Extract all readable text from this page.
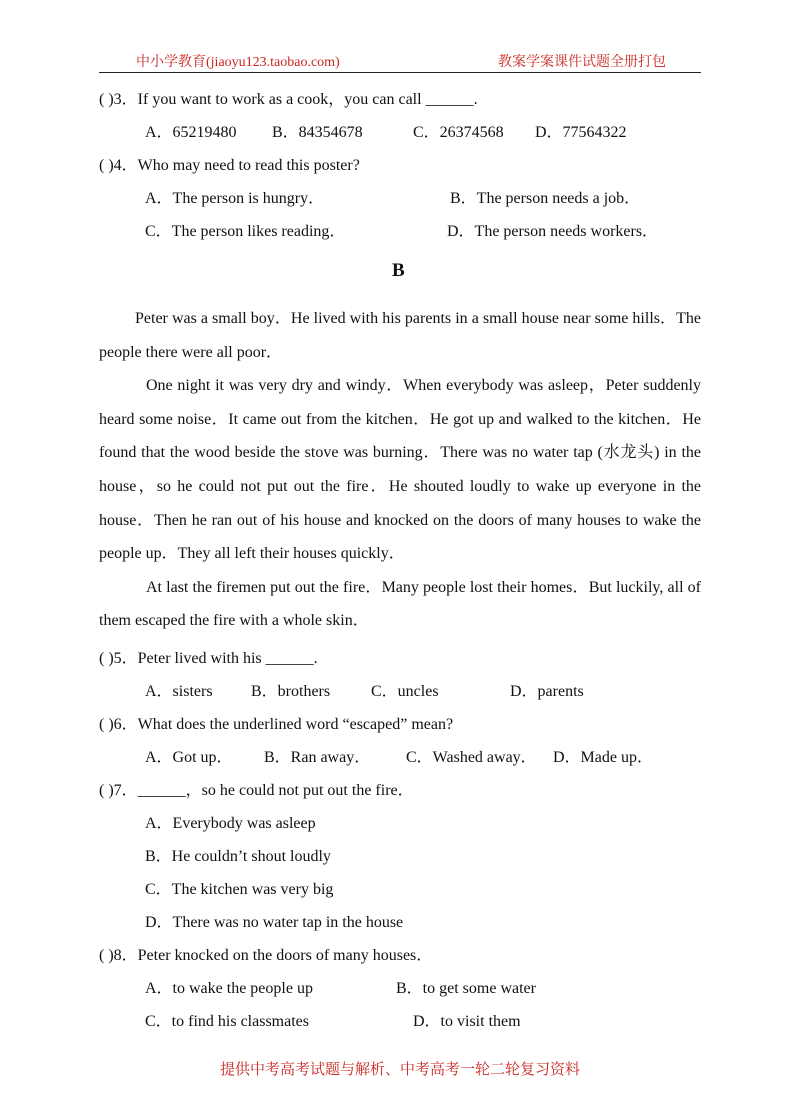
中小学教育(jiaoyu123.taobao.com)	教案学案课件试题全册打包
( )3．If you want to work as a cook，you can call ______.
A．65219480 B．84354678	C．26374568 D．77564322
( )4．Who may need to read this poster?
A．The person is hungry．	B．The person needs a job．
C．The person likes reading．	D．The person needs workers．
B

Peter was a small boy．He lived with his parents in a small house near some hills．The people there were all poor．

One night it was very dry and windy．When everybody was asleep，Peter suddenly heard some noise．It came out from the kitchen．He got up and walked to the kitchen．He found that the wood beside the stove was burning．There was no water tap (水龙头) in the house，so he could not put out the fire．He shouted loudly to wake up everyone in the house．Then he ran out of his house and knocked on the doors of many houses to wake the people up．They all left their houses quickly．

At last the firemen put out the fire．Many people lost their homes．But luckily, all of them escaped the fire with a whole skin．

( )5．Peter lived with his ______.
A．sisters B．brothers	C．uncles	D．parents
( )6．What does the underlined word “escaped” mean?
A．Got up． B．Ran away． C．Washed away． D．Made up．
( )7．______，so he could not put out the fire．
A．Everybody was asleep
B．He couldn’t shout loudly
C．The kitchen was very big
D．There was no water tap in the house
( )8．Peter knocked on the doors of many houses．
A．to wake the people up	B．to get some water
C．to find his classmates	D．to visit them
提供中考高考试题与解析、中考高考一轮二轮复习资料
